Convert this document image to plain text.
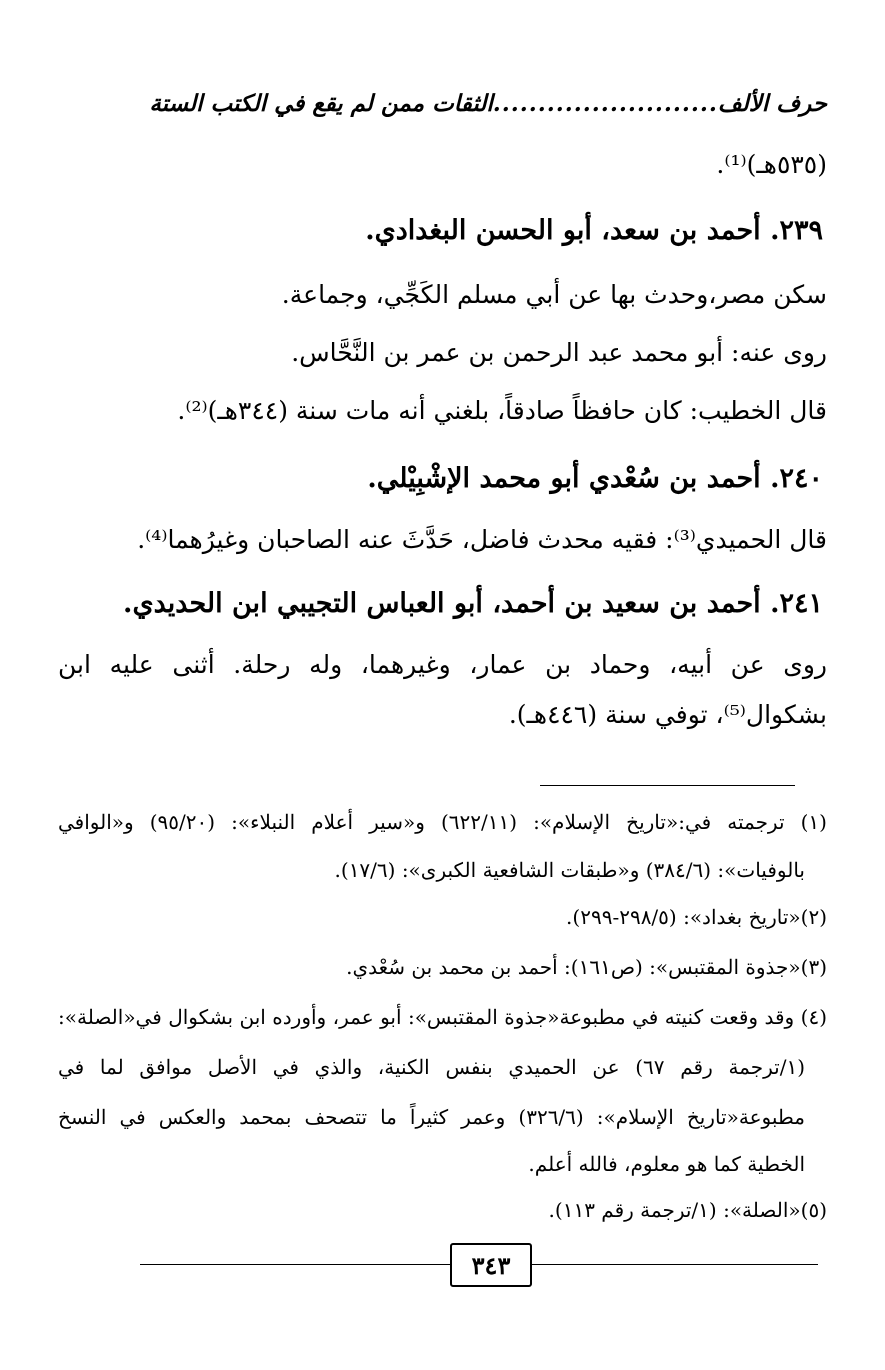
حرف الألف
.........................
الثقات ممن لم يقع في الكتب الستة
(٥٣٥هـ)⁽¹⁾.
٢٣٩. أحمد بن سعد، أبو الحسن البغدادي.
سكن مصر،وحدث بها عن أبي مسلم الكَجِّي، وجماعة.
روى عنه: أبو محمد عبد الرحمن بن عمر بن النَّحَّاس.
قال الخطيب: كان حافظاً صادقاً، بلغني أنه مات سنة (٣٤٤هـ)⁽²⁾.
٢٤٠. أحمد بن سُعْدي أبو محمد الإشْبِيْلي.
قال الحميدي⁽³⁾: فقيه محدث فاضل، حَدَّثَ عنه الصاحبان وغيرُهما⁽⁴⁾.
٢٤١. أحمد بن سعيد بن أحمد، أبو العباس التجيبي ابن الحديدي.
روى عن أبيه، وحماد بن عمار، وغيرهما، وله رحلة. أثنى عليه ابن
بشكوال⁽⁵⁾، توفي سنة (٤٤٦هـ).
(١) ترجمته في:«تاريخ الإسلام»: (٦٢٢/١١) و«سير أعلام النبلاء»: (٩٥/٢٠) و«الوافي
بالوفيات»: (٣٨٤/٦) و«طبقات الشافعية الكبرى»: (١٧/٦).
(٢)«تاريخ بغداد»: (٢٩٨/٥-٢٩٩).
(٣)«جذوة المقتبس»: (ص١٦١): أحمد بن محمد بن سُعْدي.
(٤) وقد وقعت كنيته في مطبوعة«جذوة المقتبس»: أبو عمر، وأورده ابن بشكوال في«الصلة»:
(١/ترجمة رقم ٦٧) عن الحميدي بنفس الكنية، والذي في الأصل موافق لما في
مطبوعة«تاريخ الإسلام»: (٣٢٦/٦) وعمر كثيراً ما تتصحف بمحمد والعكس في النسخ
الخطية كما هو معلوم، فالله أعلم.
(٥)«الصلة»: (١/ترجمة رقم ١١٣).
٣٤٣
